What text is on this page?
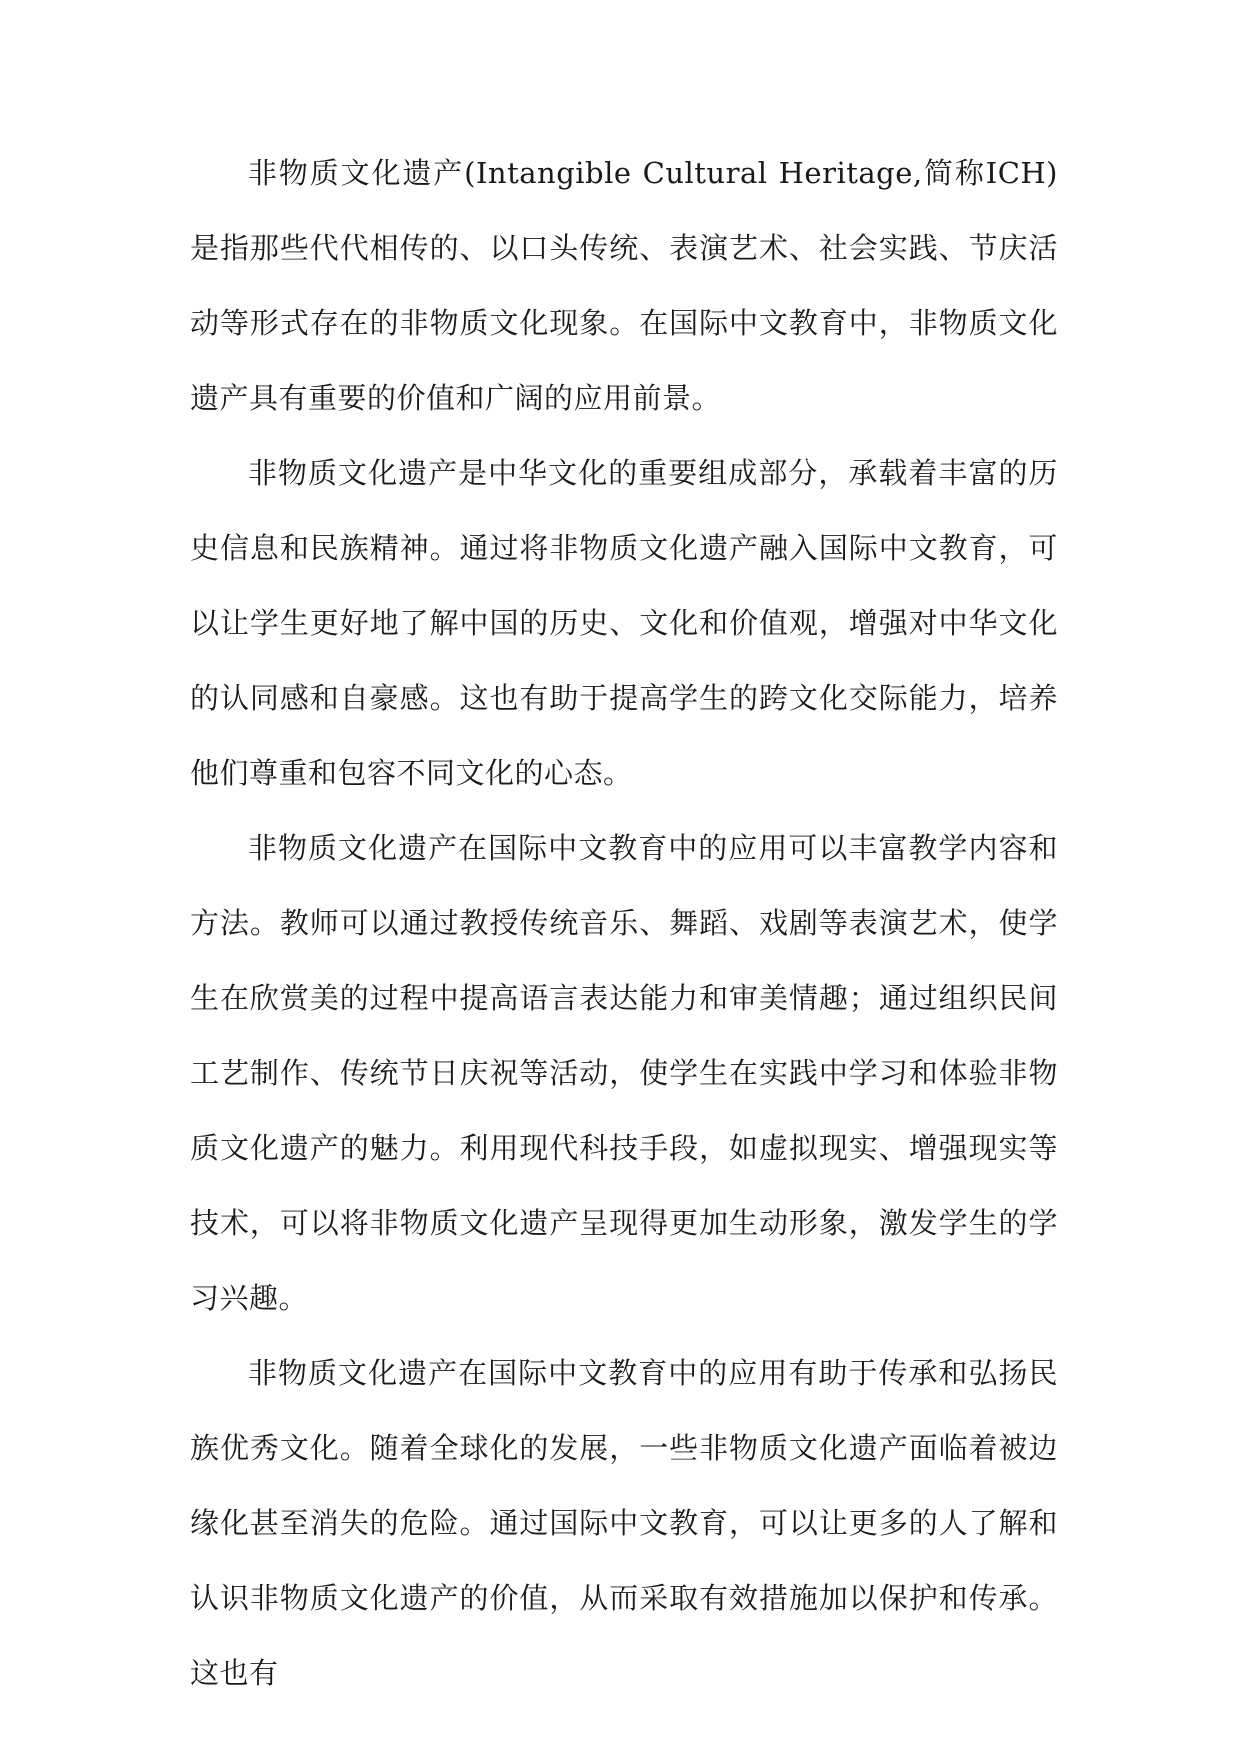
非物质文化遗产(Intangible Cultural Heritage,简称ICH)是指那些代代相传的、以口头传统、表演艺术、社会实践、节庆活动等形式存在的非物质文化现象。在国际中文教育中，非物质文化遗产具有重要的价值和广阔的应用前景。

非物质文化遗产是中华文化的重要组成部分，承载着丰富的历史信息和民族精神。通过将非物质文化遗产融入国际中文教育，可以让学生更好地了解中国的历史、文化和价值观，增强对中华文化的认同感和自豪感。这也有助于提高学生的跨文化交际能力，培养他们尊重和包容不同文化的心态。

非物质文化遗产在国际中文教育中的应用可以丰富教学内容和方法。教师可以通过教授传统音乐、舞蹈、戏剧等表演艺术，使学生在欣赏美的过程中提高语言表达能力和审美情趣；通过组织民间工艺制作、传统节日庆祝等活动，使学生在实践中学习和体验非物质文化遗产的魅力。利用现代科技手段，如虚拟现实、增强现实等技术，可以将非物质文化遗产呈现得更加生动形象，激发学生的学习兴趣。

非物质文化遗产在国际中文教育中的应用有助于传承和弘扬民族优秀文化。随着全球化的发展，一些非物质文化遗产面临着被边缘化甚至消失的危险。通过国际中文教育，可以让更多的人了解和认识非物质文化遗产的价值，从而采取有效措施加以保护和传承。这也有
